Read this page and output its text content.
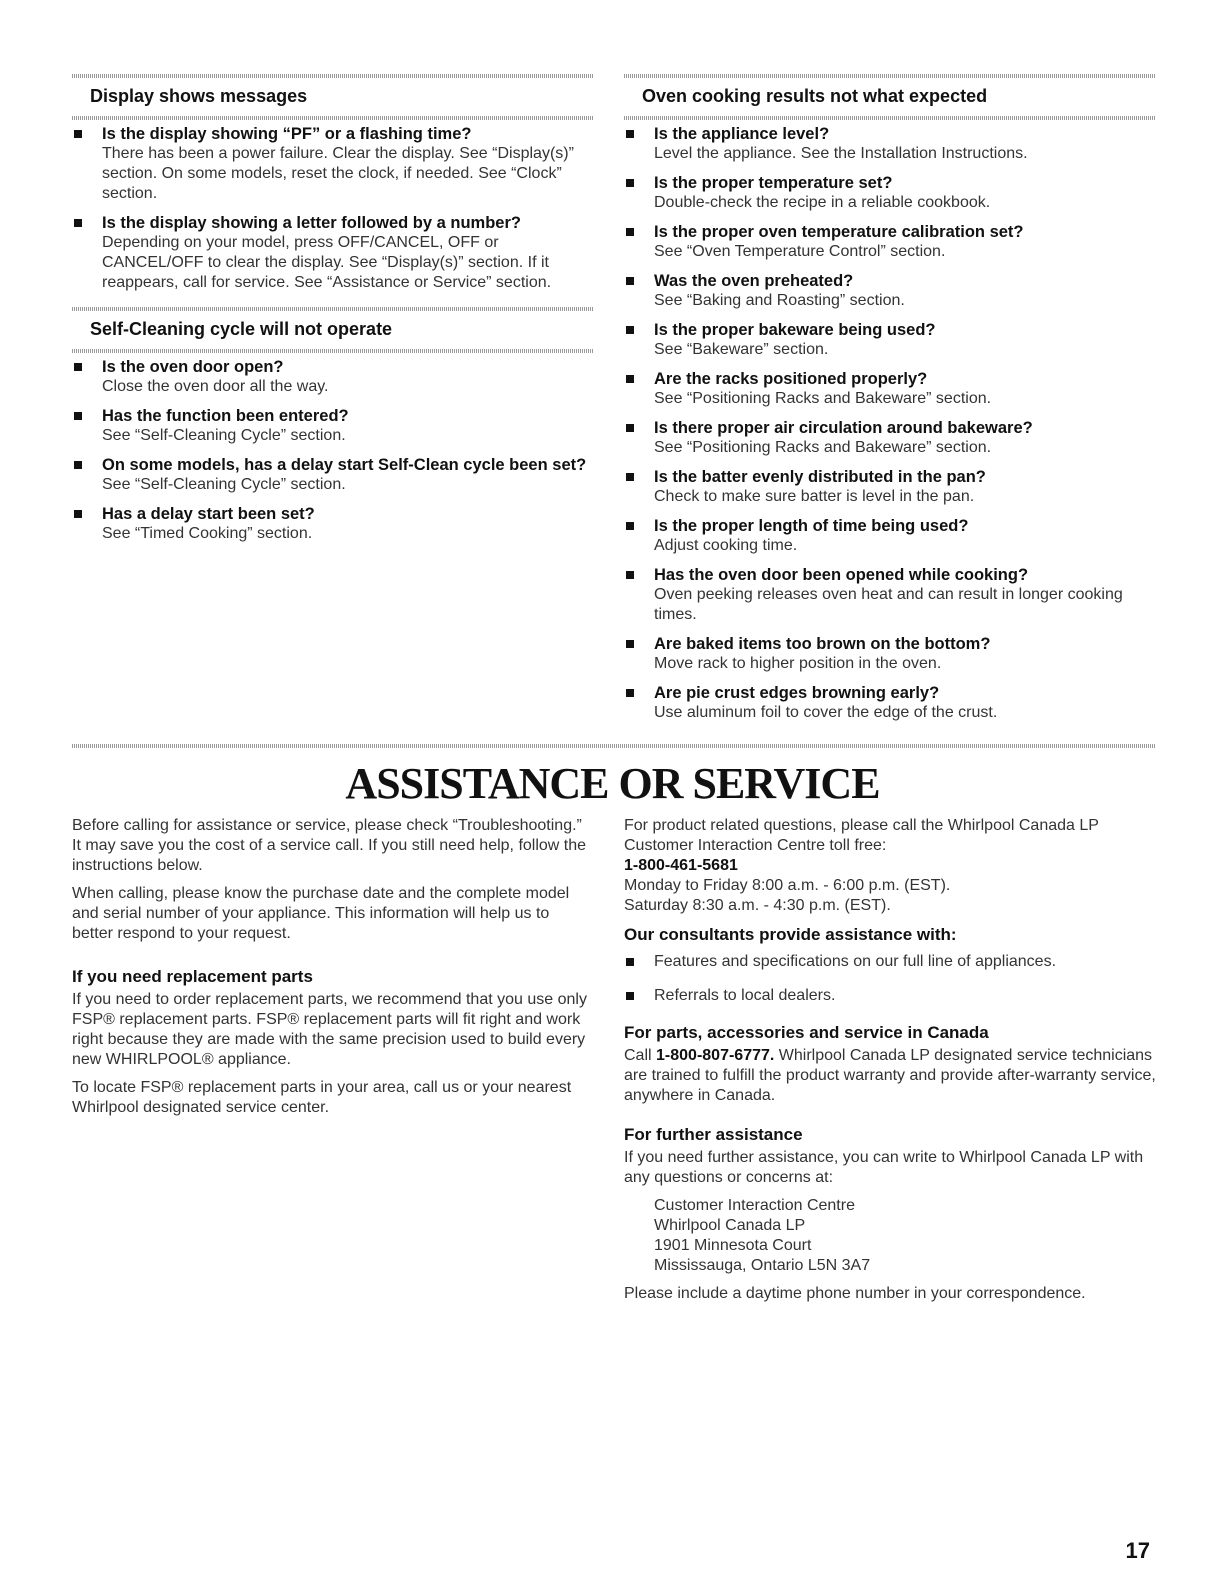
Display shows messages
Is the display showing “PF” or a flashing time?
There has been a power failure. Clear the display. See “Display(s)” section. On some models, reset the clock, if needed. See “Clock” section.
Is the display showing a letter followed by a number?
Depending on your model, press OFF/CANCEL, OFF or CANCEL/OFF to clear the display. See “Display(s)” section. If it reappears, call for service. See “Assistance or Service” section.
Self-Cleaning cycle will not operate
Is the oven door open?
Close the oven door all the way.
Has the function been entered?
See “Self-Cleaning Cycle” section.
On some models, has a delay start Self-Clean cycle been set?
See “Self-Cleaning Cycle” section.
Has a delay start been set?
See “Timed Cooking” section.
Oven cooking results not what expected
Is the appliance level?
Level the appliance. See the Installation Instructions.
Is the proper temperature set?
Double-check the recipe in a reliable cookbook.
Is the proper oven temperature calibration set?
See “Oven Temperature Control” section.
Was the oven preheated?
See “Baking and Roasting” section.
Is the proper bakeware being used?
See “Bakeware” section.
Are the racks positioned properly?
See “Positioning Racks and Bakeware” section.
Is there proper air circulation around bakeware?
See “Positioning Racks and Bakeware” section.
Is the batter evenly distributed in the pan?
Check to make sure batter is level in the pan.
Is the proper length of time being used?
Adjust cooking time.
Has the oven door been opened while cooking?
Oven peeking releases oven heat and can result in longer cooking times.
Are baked items too brown on the bottom?
Move rack to higher position in the oven.
Are pie crust edges browning early?
Use aluminum foil to cover the edge of the crust.
ASSISTANCE OR SERVICE

Before calling for assistance or service, please check “Troubleshooting.” It may save you the cost of a service call. If you still need help, follow the instructions below.

When calling, please know the purchase date and the complete model and serial number of your appliance. This information will help us to better respond to your request.

If you need replacement parts

If you need to order replacement parts, we recommend that you use only FSP® replacement parts. FSP® replacement parts will fit right and work right because they are made with the same precision used to build every new WHIRLPOOL® appliance.

To locate FSP® replacement parts in your area, call us or your nearest Whirlpool designated service center.

For product related questions, please call the Whirlpool Canada LP Customer Interaction Centre toll free:

1-800-461-5681
Monday to Friday 8:00 a.m. - 6:00 p.m. (EST).
Saturday 8:30 a.m. - 4:30 p.m. (EST).
Our consultants provide assistance with:
Features and specifications on our full line of appliances.
Referrals to local dealers.
For parts, accessories and service in Canada

Call 1-800-807-6777. Whirlpool Canada LP designated service technicians are trained to fulfill the product warranty and provide after-warranty service, anywhere in Canada.

For further assistance

If you need further assistance, you can write to Whirlpool Canada LP with any questions or concerns at:

Customer Interaction Centre
Whirlpool Canada LP
1901 Minnesota Court
Mississauga, Ontario L5N 3A7

Please include a daytime phone number in your correspondence.

17
